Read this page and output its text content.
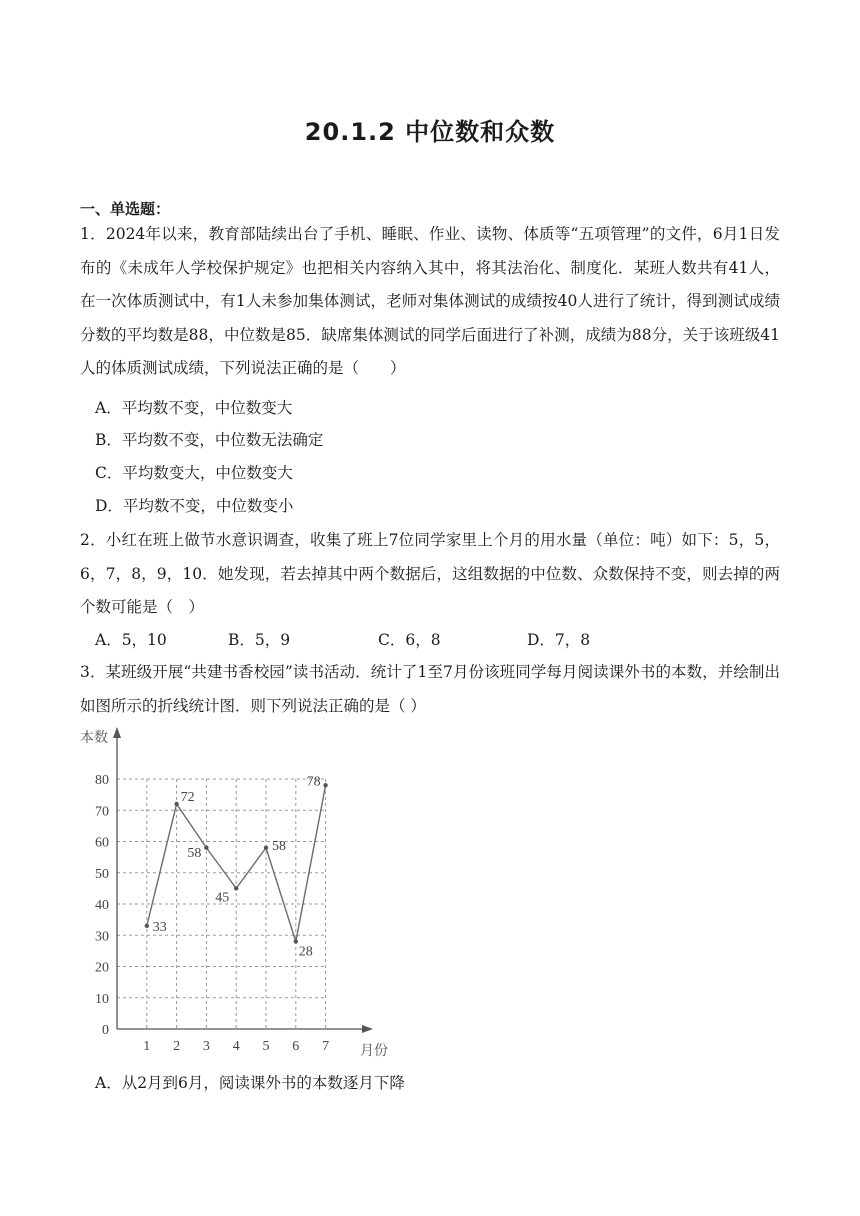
20.1.2 中位数和众数
一、单选题：
1．2024年以来，教育部陆续出台了手机、睡眠、作业、读物、体质等“五项管理”的文件，6月1日发布的《未成年人学校保护规定》也把相关内容纳入其中，将其法治化、制度化．某班人数共有41人，在一次体质测试中，有1人未参加集体测试，老师对集体测试的成绩按40人进行了统计，得到测试成绩分数的平均数是88，中位数是85．缺席集体测试的同学后面进行了补测，成绩为88分，关于该班级41人的体质测试成绩，下列说法正确的是（　　）
A．平均数不变，中位数变大
B．平均数不变，中位数无法确定
C．平均数变大，中位数变大
D．平均数不变，中位数变小
2．小红在班上做节水意识调查，收集了班上7位同学家里上个月的用水量（单位：吨）如下：5，5，6，7，8，9，10．她发现，若去掉其中两个数据后，这组数据的中位数、众数保持不变，则去掉的两个数可能是（　）
A．5，10	B．5，9	C．6，8	D．7，8
3．某班级开展“共建书香校园”读书活动．统计了1至7月份该班同学每月阅读课外书的本数，并绘制出如图所示的折线统计图．则下列说法正确的是（ ）
0
10
20
30
40
50
60
70
80
1 2 3 4 5 6 7
33
72
58
45
58
28
78
本数
月份
A．从2月到6月，阅读课外书的本数逐月下降
